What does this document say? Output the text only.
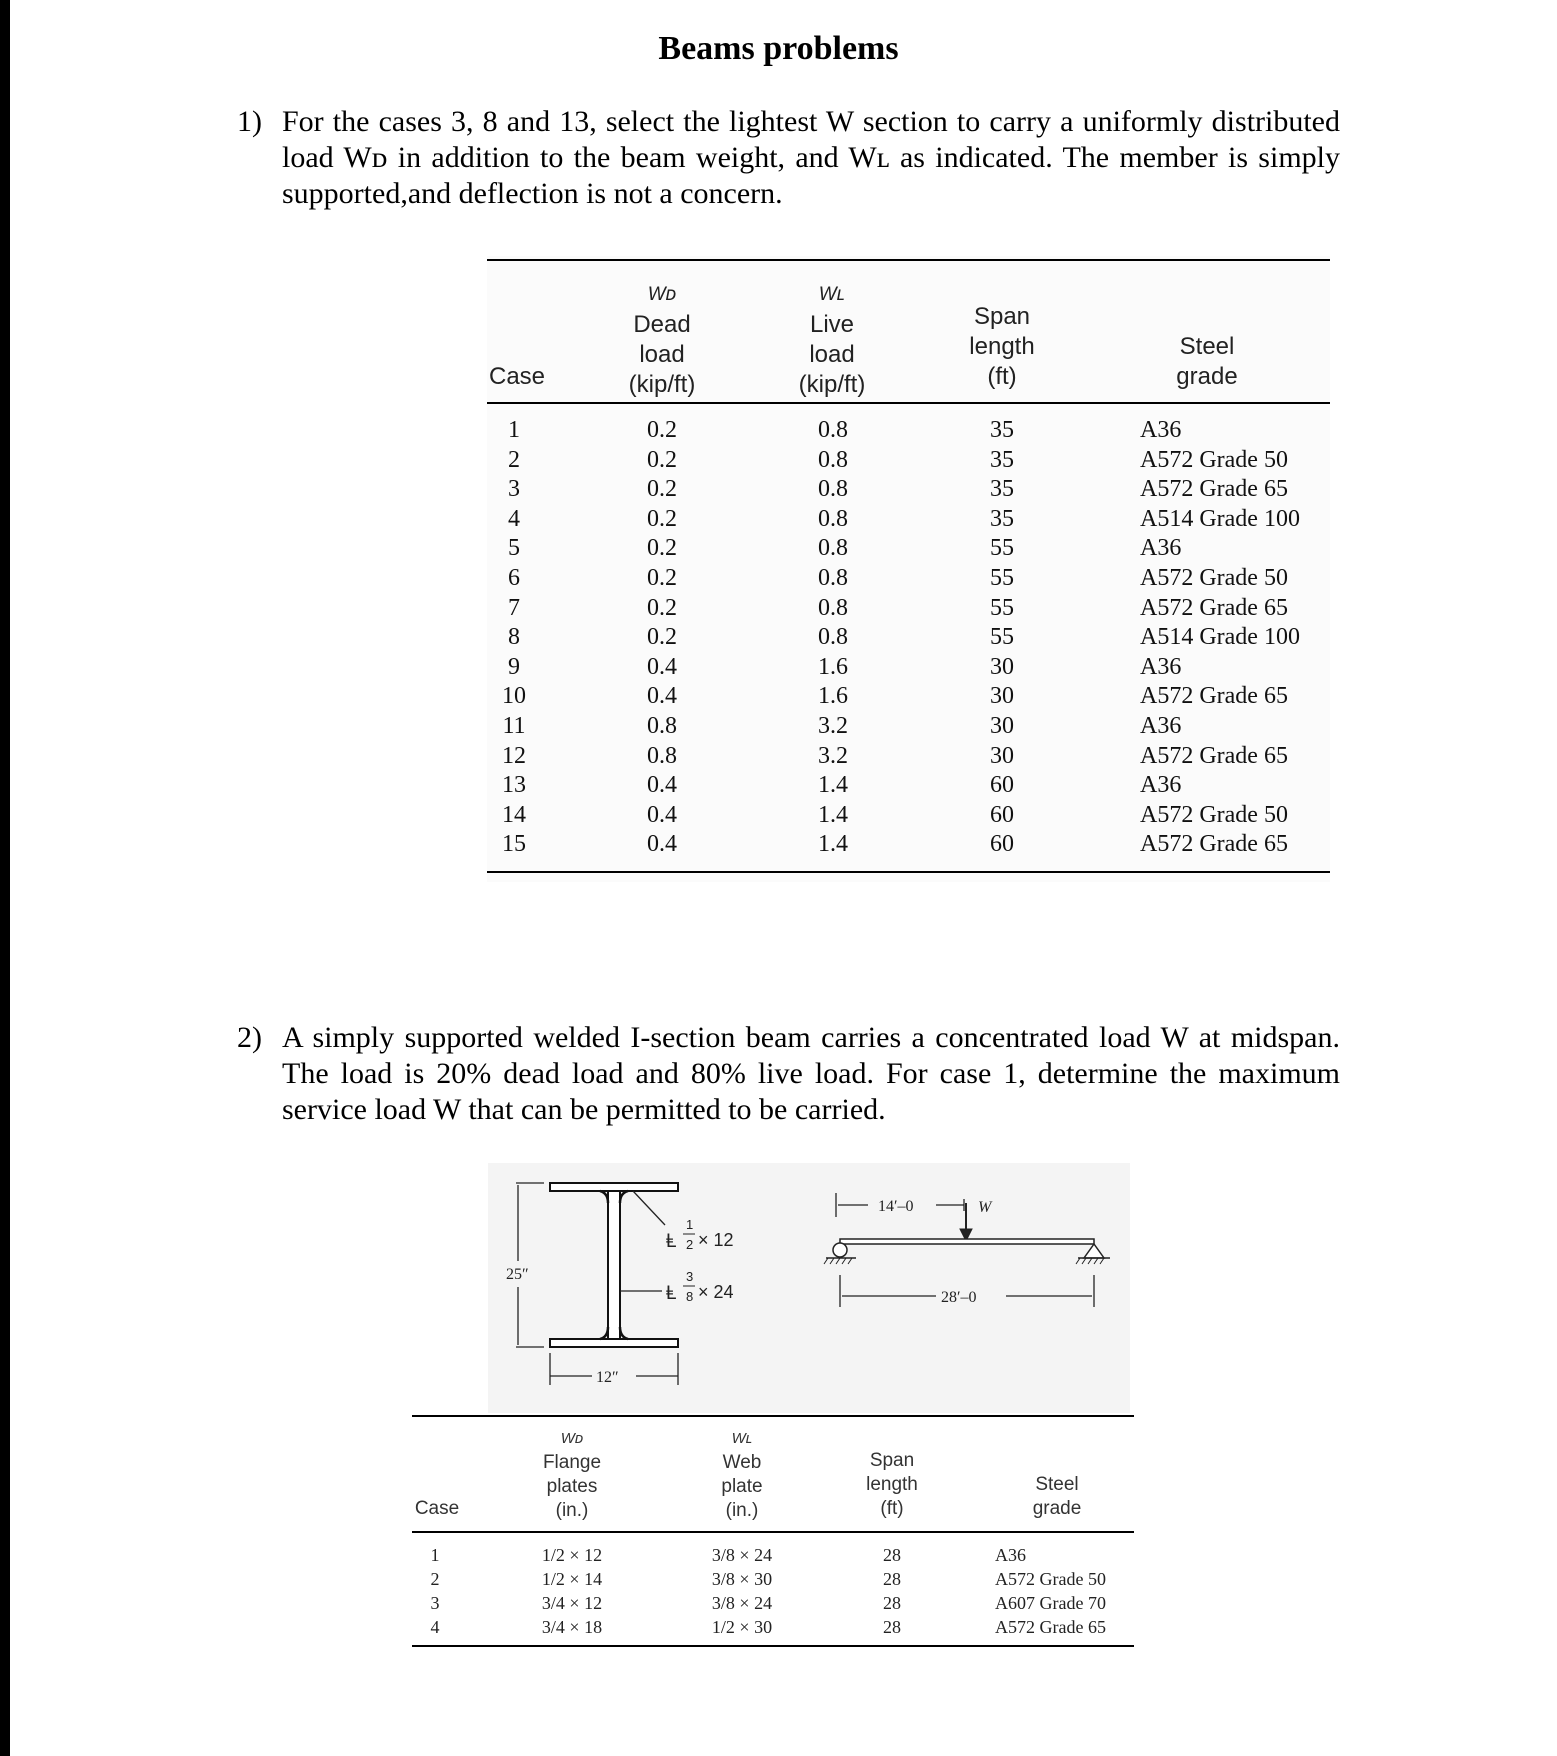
Beams problems
1) For the cases 3, 8 and 13, select the lightest W section to carry a uniformly distributed load Wᴅ in addition to the beam weight, and Wʟ as indicated. The member is simply supported,and deflection is not a concern.
Case
Wᴅ
Dead
load
(kip/ft)
Wʟ
Live
load
(kip/ft)
Span
length
(ft)
Steel
grade
1
2
3
4
5
6
7
8
9
10
11
12
13
14
15
0.2
0.2
0.2
0.2
0.2
0.2
0.2
0.2
0.4
0.4
0.8
0.8
0.4
0.4
0.4
0.8
0.8
0.8
0.8
0.8
0.8
0.8
0.8
1.6
1.6
3.2
3.2
1.4
1.4
1.4
35
35
35
35
55
55
55
55
30
30
30
30
60
60
60
A36
A572 Grade 50
A572 Grade 65
A514 Grade 100
A36
A572 Grade 50
A572 Grade 65
A514 Grade 100
A36
A572 Grade 65
A36
A572 Grade 65
A36
A572 Grade 50
A572 Grade 65
2) A simply supported welded I-section beam carries a concentrated load W at midspan. The load is 20% dead load and 80% live load. For case 1, determine the maximum service load W that can be permitted to be carried.
25″
12″
Ⱡ
1
2 × 12
Ⱡ
3
8 × 24
14′–0	W
28′–0
Case
Wᴅ
Flange
plates
(in.)
Wʟ
Web
plate
(in.)
Span
length
(ft)
Steel
grade
1
2
3
4
1/2 × 12
1/2 × 14
3/4 × 12
3/4 × 18
3/8 × 24
3/8 × 30
3/8 × 24
1/2 × 30
28
28
28
28
A36
A572 Grade 50
A607 Grade 70
A572 Grade 65
